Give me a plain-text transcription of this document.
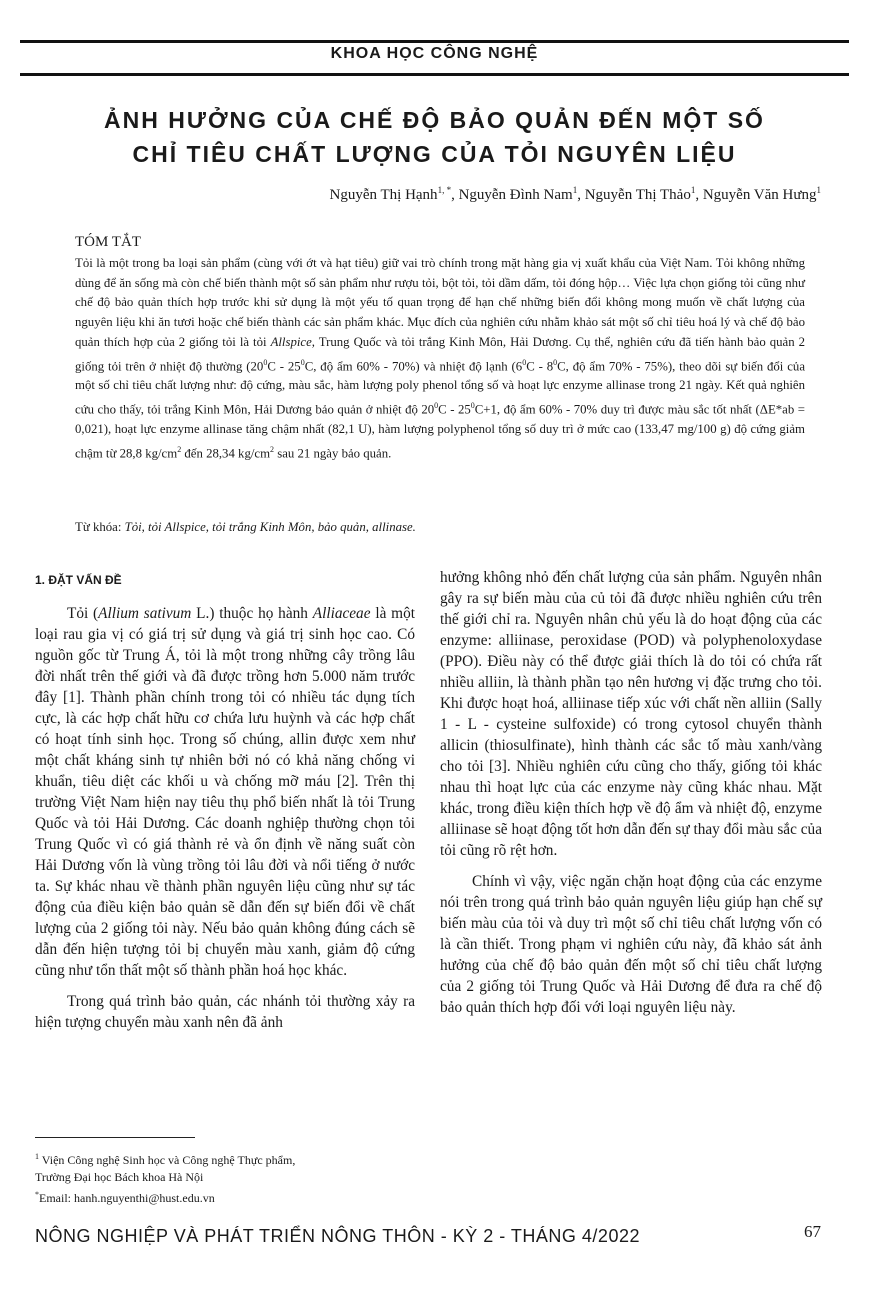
KHOA HỌC CÔNG NGHỆ
ẢNH HƯỞNG CỦA CHẾ ĐỘ BẢO QUẢN ĐẾN MỘT SỐ
CHỈ TIÊU CHẤT LƯỢNG CỦA TỎI NGUYÊN LIỆU
Nguyễn Thị Hạnh$^{1, *}$, Nguyễn Đình Nam$^1$, Nguyễn Thị Thảo$^1$, Nguyễn Văn Hưng$^1$
TÓM TẮT

Tỏi là một trong ba loại sản phẩm (cùng với ớt và hạt tiêu) giữ vai trò chính trong mặt hàng gia vị xuất khẩu của Việt Nam. Tỏi không những dùng để ăn sống mà còn chế biến thành một số sản phẩm như rượu tỏi, bột tỏi, tỏi dầm dấm, tỏi đóng hộp… Việc lựa chọn giống tỏi cũng như chế độ bảo quản thích hợp trước khi sử dụng là một yếu tố quan trọng để hạn chế những biến đổi không mong muốn về chất lượng của nguyên liệu khi ăn tươi hoặc chế biến thành các sản phẩm khác. Mục đích của nghiên cứu nhằm khảo sát một số chỉ tiêu hoá lý và chế độ bảo quản thích hợp của 2 giống tỏi là tỏi Allspice, Trung Quốc và tỏi trắng Kinh Môn, Hải Dương. Cụ thể, nghiên cứu đã tiến hành bảo quản 2 giống tỏi trên ở nhiệt độ thường ($20^0C - 25^0C$, độ ẩm 60% - 70%) và nhiệt độ lạnh ($6^0C - 8^0C$, độ ẩm 70% - 75%), theo dõi sự biến đổi của một số chỉ tiêu chất lượng như: độ cứng, màu sắc, hàm lượng poly phenol tổng số và hoạt lực enzyme allinase trong 21 ngày. Kết quả nghiên cứu cho thấy, tỏi trắng Kinh Môn, Hải Dương bảo quản ở nhiệt độ $20^0C - 25^0C+1$, độ ẩm 60% - 70% duy trì được màu sắc tốt nhất (ΔE*ab = 0,021), hoạt lực enzyme allinase tăng chậm nhất (82,1 U), hàm lượng polyphenol tổng số duy trì ở mức cao (133,47 mg/100 g) độ cứng giảm chậm từ 28,8 $kg/cm^2$ đến 28,34 $kg/cm^2$ sau 21 ngày bảo quản.

Từ khóa: Tỏi, tỏi Allspice, tỏi trắng Kinh Môn, bảo quản, allinase.

1. ĐẶT VẤN ĐỀ

Tỏi (Allium sativum L.) thuộc họ hành Alliaceae là một loại rau gia vị có giá trị sử dụng và giá trị sinh học cao. Có nguồn gốc từ Trung Á, tỏi là một trong những cây trồng lâu đời nhất trên thế giới và đã được trồng hơn 5.000 năm trước đây [1]. Thành phần chính trong tỏi có nhiều tác dụng tích cực, là các hợp chất hữu cơ chứa lưu huỳnh và các hợp chất có hoạt tính sinh học. Trong số chúng, allin được xem như một chất kháng sinh tự nhiên bởi nó có khả năng chống vi khuẩn, tiêu diệt các khối u và chống mỡ máu [2]. Trên thị trường Việt Nam hiện nay tiêu thụ phổ biến nhất là tỏi Trung Quốc và tỏi Hải Dương. Các doanh nghiệp thường chọn tỏi Trung Quốc vì có giá thành rẻ và ổn định về năng suất còn Hải Dương vốn là vùng trồng tỏi lâu đời và nổi tiếng ở nước ta. Sự khác nhau về thành phần nguyên liệu cũng như sự tác động của điều kiện bảo quản sẽ dẫn đến sự biến đổi về chất lượng của 2 giống tỏi này. Nếu bảo quản không đúng cách sẽ dẫn đến hiện tượng tỏi bị chuyển màu xanh, giảm độ cứng cũng như tổn thất một số thành phần hoá học khác.

Trong quá trình bảo quản, các nhánh tỏi thường xảy ra hiện tượng chuyển màu xanh nên đã ảnh

hưởng không nhỏ đến chất lượng của sản phẩm. Nguyên nhân gây ra sự biến màu của củ tỏi đã được nhiều nghiên cứu trên thế giới chỉ ra. Nguyên nhân chủ yếu là do hoạt động của các enzyme: alliinase, peroxidase (POD) và polyphenoloxydase (PPO). Điều này có thể được giải thích là do tỏi có chứa rất nhiều alliin, là thành phần tạo nên hương vị đặc trưng cho tỏi. Khi được hoạt hoá, alliinase tiếp xúc với chất nền alliin (Sally 1 - L - cysteine sulfoxide) có trong cytosol chuyển thành allicin (thiosulfinate), hình thành các sắc tố màu xanh/vàng cho tỏi [3]. Nhiều nghiên cứu cũng cho thấy, giống tỏi khác nhau thì hoạt lực của các enzyme này cũng khác nhau. Mặt khác, trong điều kiện thích hợp về độ ẩm và nhiệt độ, enzyme alliinase sẽ hoạt động tốt hơn dẫn đến sự thay đổi màu sắc của tỏi cũng rõ rệt hơn.

Chính vì vậy, việc ngăn chặn hoạt động của các enzyme nói trên trong quá trình bảo quản nguyên liệu giúp hạn chế sự biến màu của tỏi và duy trì một số chỉ tiêu chất lượng vốn có là cần thiết. Trong phạm vi nghiên cứu này, đã khảo sát ảnh hưởng của chế độ bảo quản đến một số chỉ tiêu chất lượng của 2 giống tỏi Trung Quốc và Hải Dương để đưa ra chế độ bảo quản thích hợp đối với loại nguyên liệu này.

$^1$ Viện Công nghệ Sinh học và Công nghệ Thực phẩm,
Trường Đại học Bách khoa Hà Nội
*Email: hanh.nguyenthi@hust.edu.vn
NÔNG NGHIỆP VÀ PHÁT TRIỂN NÔNG THÔN - KỲ 2 - THÁNG 4/2022	67
